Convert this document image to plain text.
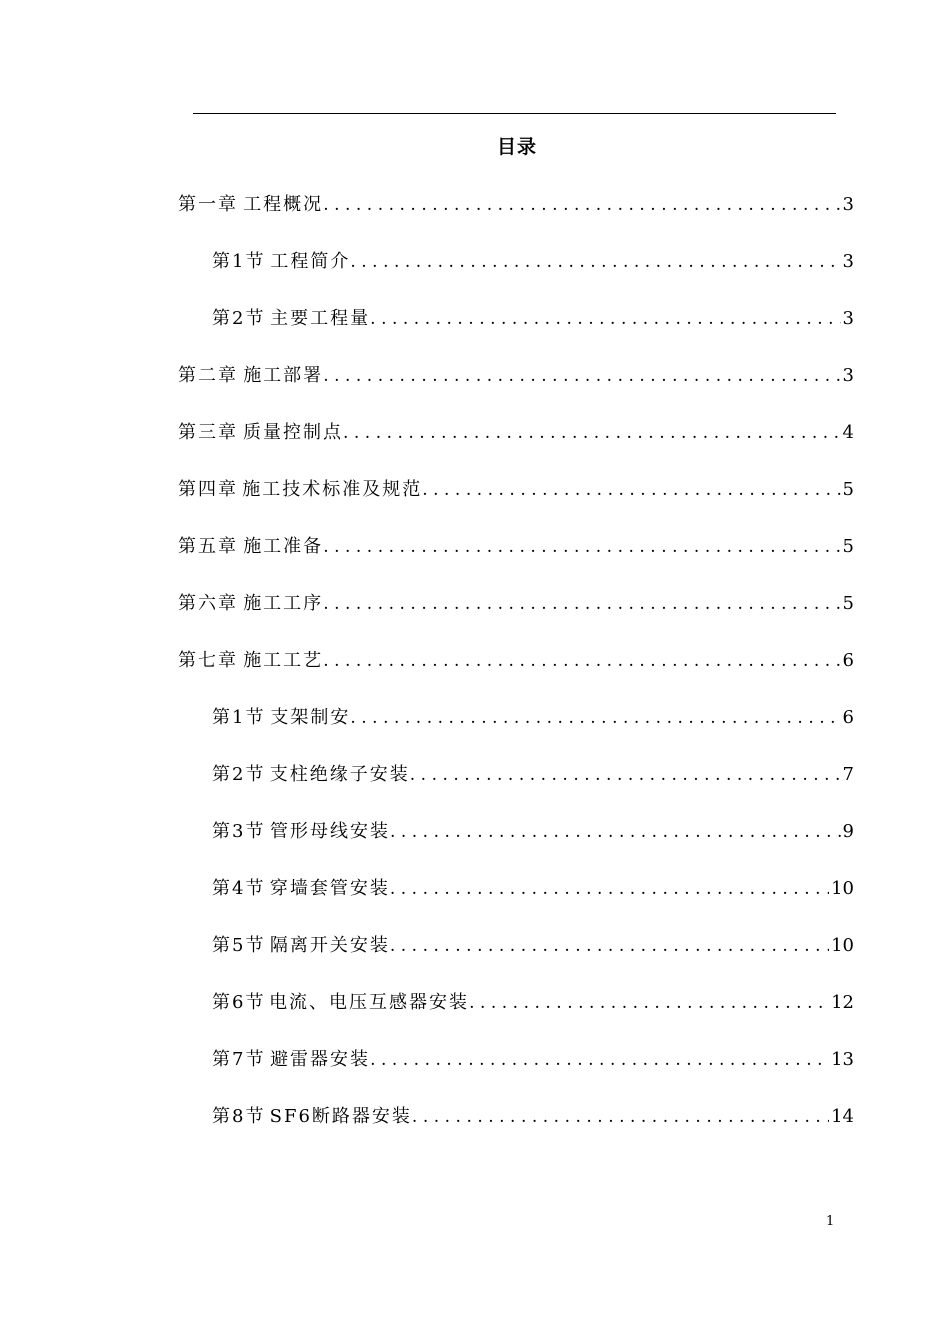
目录
第一章 工程概况 .....	3
第1节 工程简介 .....	3
第2节 主要工程量 .....	3
第二章 施工部署 .....	3
第三章 质量控制点 .....	4
第四章 施工技术标准及规范 .....	5
第五章 施工准备 .....	5
第六章 施工工序 .....	5
第七章 施工工艺 .....	6
第1节 支架制安 .....	6
第2节 支柱绝缘子安装 .....	7
第3节 管形母线安装 .....	9
第4节 穿墙套管安装 .....	10
第5节 隔离开关安装 .....	10
第6节 电流、电压互感器安装 .....	12
第7节 避雷器安装 .....	13
第8节 SF6断路器安装 .....	14
1
